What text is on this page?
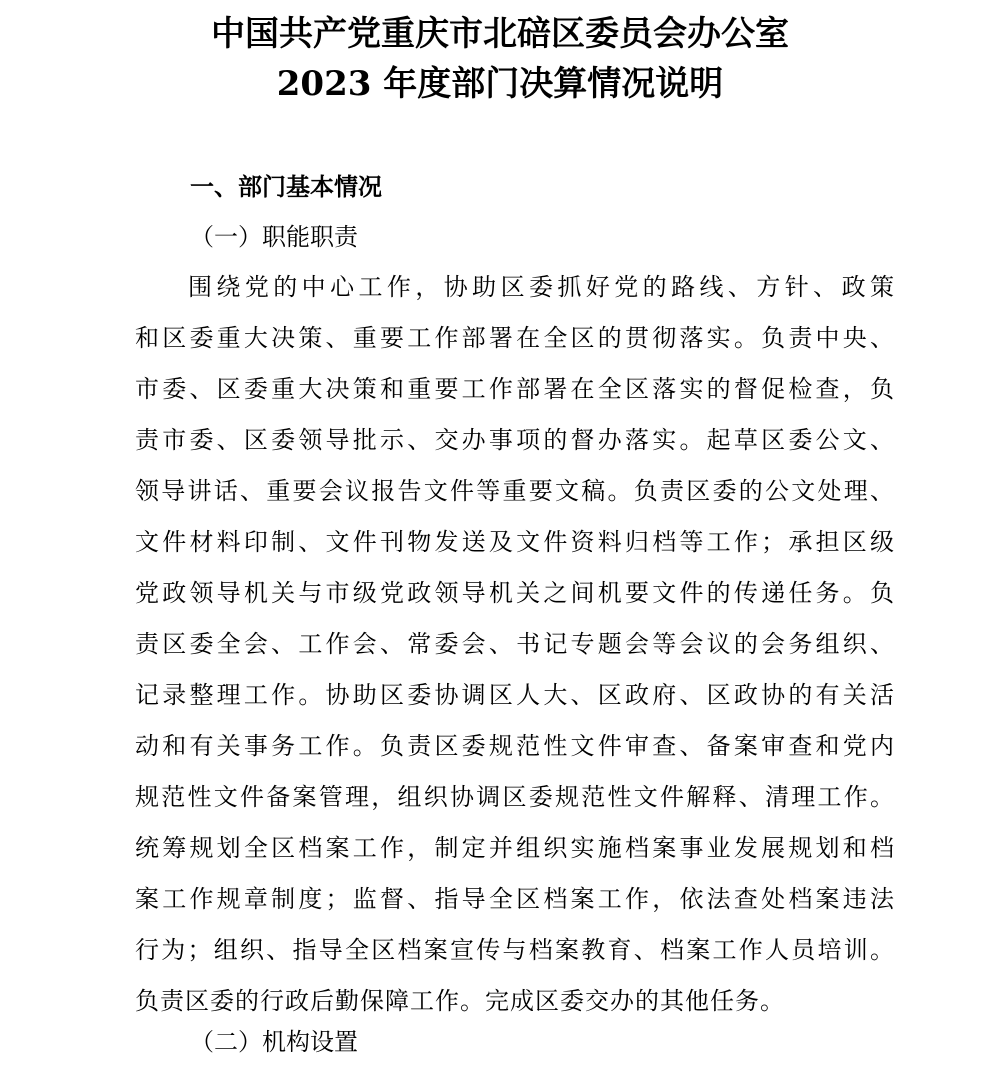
中国共产党重庆市北碚区委员会办公室
2023 年度部门决算情况说明
一、部门基本情况
（一）职能职责
围绕党的中心工作，协助区委抓好党的路线、方针、政策
和区委重大决策、重要工作部署在全区的贯彻落实。负责中央、
市委、区委重大决策和重要工作部署在全区落实的督促检查，负
责市委、区委领导批示、交办事项的督办落实。起草区委公文、
领导讲话、重要会议报告文件等重要文稿。负责区委的公文处理、
文件材料印制、文件刊物发送及文件资料归档等工作；承担区级
党政领导机关与市级党政领导机关之间机要文件的传递任务。负
责区委全会、工作会、常委会、书记专题会等会议的会务组织、
记录整理工作。协助区委协调区人大、区政府、区政协的有关活
动和有关事务工作。负责区委规范性文件审查、备案审查和党内
规范性文件备案管理，组织协调区委规范性文件解释、清理工作。
统筹规划全区档案工作，制定并组织实施档案事业发展规划和档
案工作规章制度；监督、指导全区档案工作，依法查处档案违法
行为；组织、指导全区档案宣传与档案教育、档案工作人员培训。
负责区委的行政后勤保障工作。完成区委交办的其他任务。
（二）机构设置
